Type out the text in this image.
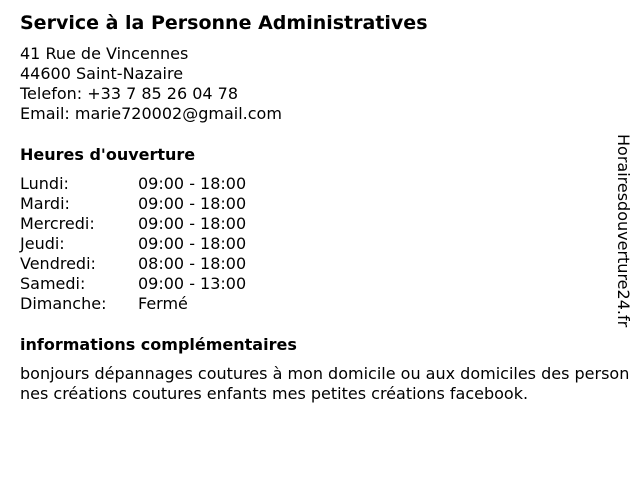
Service à la Personne Administratives
41 Rue de Vincennes
44600 Saint-Nazaire
Telefon: +33 7 85 26 04 78
Email: marie720002@gmail.com
Heures d'ouverture
Lundi:	09:00 - 18:00
Mardi:	09:00 - 18:00
Mercredi:	09:00 - 18:00
Jeudi:	09:00 - 18:00
Vendredi:	08:00 - 18:00
Samedi:	09:00 - 13:00
Dimanche:	Fermé
informations complémentaires
bonjours dépannages coutures à mon domicile ou aux domiciles des personnes créations coutures enfants mes petites créations facebook.
Horairesdouverture24.fr
